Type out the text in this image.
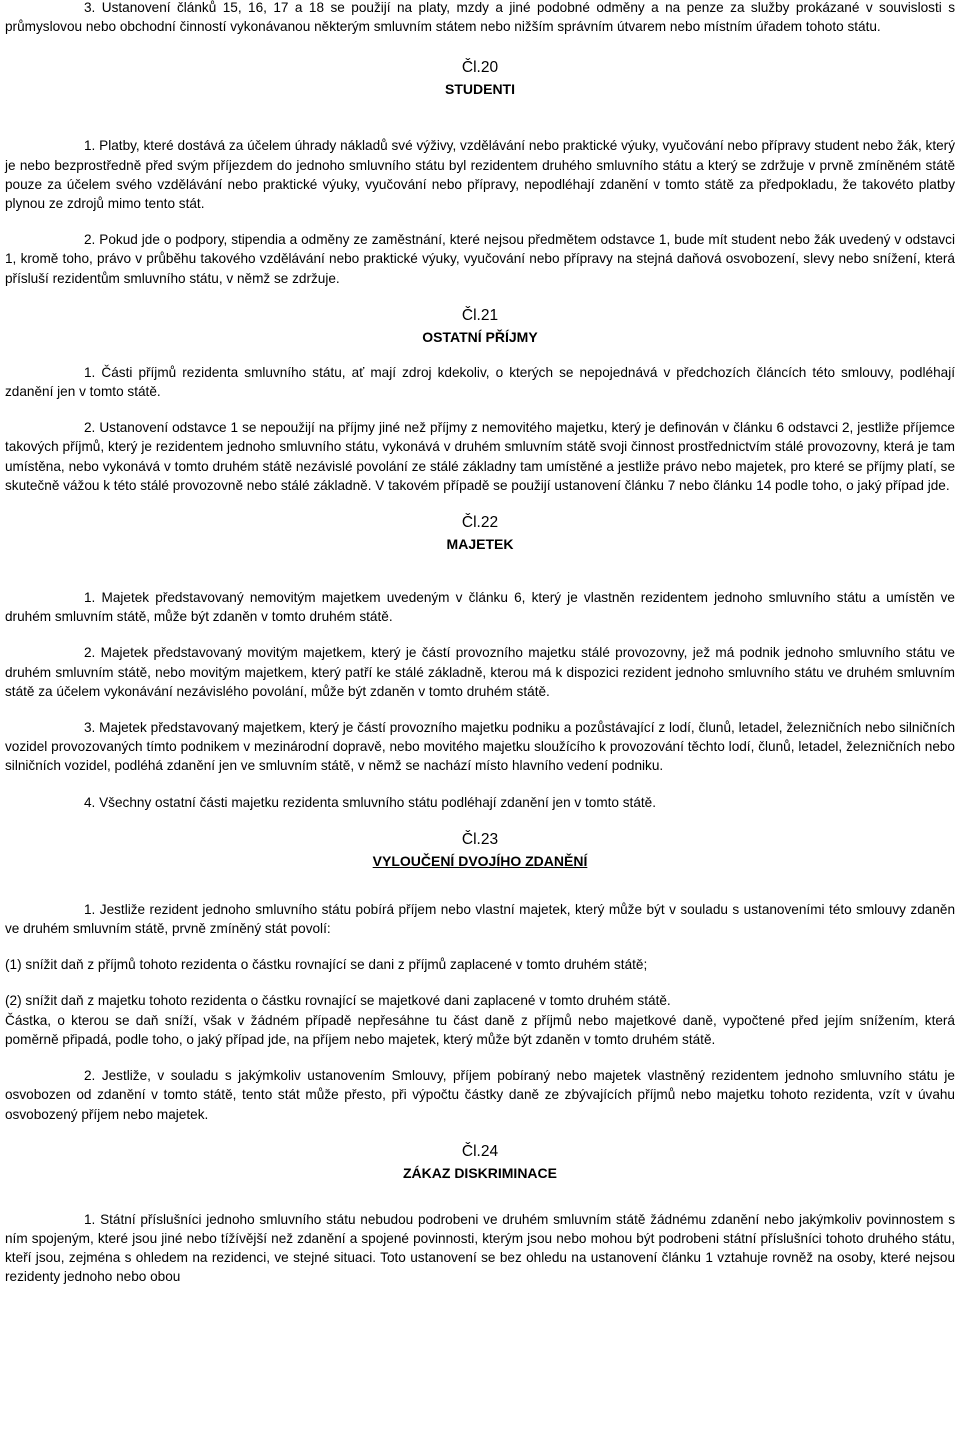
3. Ustanovení článků 15, 16, 17 a 18 se použijí na platy, mzdy a jiné podobné odměny a na penze za služby prokázané v souvislosti s průmyslovou nebo obchodní činností vykonávanou některým smluvním státem nebo nižším správním útvarem nebo místním úřadem tohoto státu.

Čl.20
STUDENTI

1. Platby, které dostává za účelem úhrady nákladů své výživy, vzdělávání nebo praktické výuky, vyučování nebo přípravy student nebo žák, který je nebo bezprostředně před svým příjezdem do jednoho smluvního státu byl rezidentem druhého smluvního státu a který se zdržuje v prvně zmíněném státě pouze za účelem svého vzdělávání nebo praktické výuky, vyučování nebo přípravy, nepodléhají zdanění v tomto státě za předpokladu, že takovéto platby plynou ze zdrojů mimo tento stát.

2. Pokud jde o podpory, stipendia a odměny ze zaměstnání, které nejsou předmětem odstavce 1, bude mít student nebo žák uvedený v odstavci 1, kromě toho, právo v průběhu takového vzdělávání nebo praktické výuky, vyučování nebo přípravy na stejná daňová osvobození, slevy nebo snížení, která přísluší rezidentům smluvního státu, v němž se zdržuje.

Čl.21
OSTATNÍ PŘÍJMY

1. Části příjmů rezidenta smluvního státu, ať mají zdroj kdekoliv, o kterých se nepojednává v předchozích článcích této smlouvy, podléhají zdanění jen v tomto státě.

2. Ustanovení odstavce 1 se nepoužijí na příjmy jiné než příjmy z nemovitého majetku, který je definován v článku 6 odstavci 2, jestliže příjemce takových příjmů, který je rezidentem jednoho smluvního státu, vykonává v druhém smluvním státě svoji činnost prostřednictvím stálé provozovny, která je tam umístěna, nebo vykonává v tomto druhém státě nezávislé povolání ze stálé základny tam umístěné a jestliže právo nebo majetek, pro které se příjmy platí, se skutečně vážou k této stálé provozovně nebo stálé základně. V takovém případě se použijí ustanovení článku 7 nebo článku 14 podle toho, o jaký případ jde.

Čl.22
MAJETEK

1. Majetek představovaný nemovitým majetkem uvedeným v článku 6, který je vlastněn rezidentem jednoho smluvního státu a umístěn ve druhém smluvním státě, může být zdaněn v tomto druhém státě.

2. Majetek představovaný movitým majetkem, který je částí provozního majetku stálé provozovny, jež má podnik jednoho smluvního státu ve druhém smluvním státě, nebo movitým majetkem, který patří ke stálé základně, kterou má k dispozici rezident jednoho smluvního státu ve druhém smluvním státě za účelem vykonávání nezávislého povolání, může být zdaněn v tomto druhém státě.

3. Majetek představovaný majetkem, který je částí provozního majetku podniku a pozůstávající z lodí, člunů, letadel, železničních nebo silničních vozidel provozovaných tímto podnikem v mezinárodní dopravě, nebo movitého majetku sloužícího k provozování těchto lodí, člunů, letadel, železničních nebo silničních vozidel, podléhá zdanění jen ve smluvním státě, v němž se nachází místo hlavního vedení podniku.

4. Všechny ostatní části majetku rezidenta smluvního státu podléhají zdanění jen v tomto státě.

Čl.23
VYLOUČENÍ DVOJÍHO ZDANĚNÍ

1. Jestliže rezident jednoho smluvního státu pobírá příjem nebo vlastní majetek, který může být v souladu s ustanoveními této smlouvy zdaněn ve druhém smluvním státě, prvně zmíněný stát povolí:

(1) snížit daň z příjmů tohoto rezidenta o částku rovnající se dani z příjmů zaplacené v tomto druhém státě;

(2) snížit daň z majetku tohoto rezidenta o částku rovnající se majetkové dani zaplacené v tomto druhém státě.

Částka, o kterou se daň sníží, však v žádném případě nepřesáhne tu část daně z příjmů nebo majetkové daně, vypočtené před jejím snížením, která poměrně připadá, podle toho, o jaký případ jde, na příjem nebo majetek, který může být zdaněn v tomto druhém státě.

2. Jestliže, v souladu s jakýmkoliv ustanovením Smlouvy, příjem pobíraný nebo majetek vlastněný rezidentem jednoho smluvního státu je osvobozen od zdanění v tomto státě, tento stát může přesto, při výpočtu částky daně ze zbývajících příjmů nebo majetku tohoto rezidenta, vzít v úvahu osvobozený příjem nebo majetek.

Čl.24
ZÁKAZ DISKRIMINACE

1. Státní příslušníci jednoho smluvního státu nebudou podrobeni ve druhém smluvním státě žádnému zdanění nebo jakýmkoliv povinnostem s ním spojeným, které jsou jiné nebo tížívější než zdanění a spojené povinnosti, kterým jsou nebo mohou být podrobeni státní příslušníci tohoto druhého státu, kteří jsou, zejména s ohledem na rezidenci, ve stejné situaci. Toto ustanovení se bez ohledu na ustanovení článku 1 vztahuje rovněž na osoby, které nejsou rezidenty jednoho nebo obou
